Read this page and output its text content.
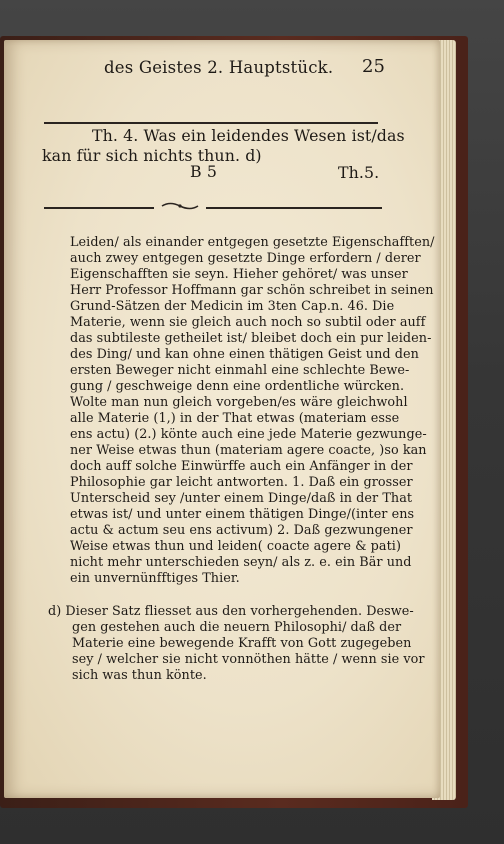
des Geistes 2. Hauptstück. 25
Th. 4. Was ein leidendes Wesen ist/das
kan für sich nichts thun. d)
B 5	Th.5.
Leiden/ als einander entgegen gesetzte Eigenschafften/
auch zwey entgegen gesetzte Dinge erfordern / derer
Eigenschafften sie seyn. Hieher gehöret/ was unser
Herr Professor Hoffmann gar schön schreibet in seinen
Grund-Sätzen der Medicin im 3ten Cap.n. 46. Die
Materie, wenn sie gleich auch noch so subtil oder auff
das subtileste getheilet ist/ bleibet doch ein pur leiden-
des Ding/ und kan ohne einen thätigen Geist und den
ersten Beweger nicht einmahl eine schlechte Bewe-
gung / geschweige denn eine ordentliche würcken.
Wolte man nun gleich vorgeben/es wäre gleichwohl
alle Materie (1,) in der That etwas (materiam esse
ens actu) (2.) könte auch eine jede Materie gezwunge-
ner Weise etwas thun (materiam agere coacte, )so kan
doch auff solche Einwürffe auch ein Anfänger in der
Philosophie gar leicht antworten. 1. Daß ein grosser
Unterscheid sey /unter einem Dinge/daß in der That
etwas ist/ und unter einem thätigen Dinge/(inter ens
actu & actum seu ens activum) 2. Daß gezwungener
Weise etwas thun und leiden( coacte agere & pati)
nicht mehr unterschieden seyn/ als z. e. ein Bär und
ein unvernünfftiges Thier.
d) Dieser Satz fliesset aus den vorhergehenden. Deswe-
gen gestehen auch die neuern Philosophi/ daß der
Materie eine bewegende Krafft von Gott zugegeben
sey / welcher sie nicht vonnöthen hätte / wenn sie vor
sich was thun könte.
